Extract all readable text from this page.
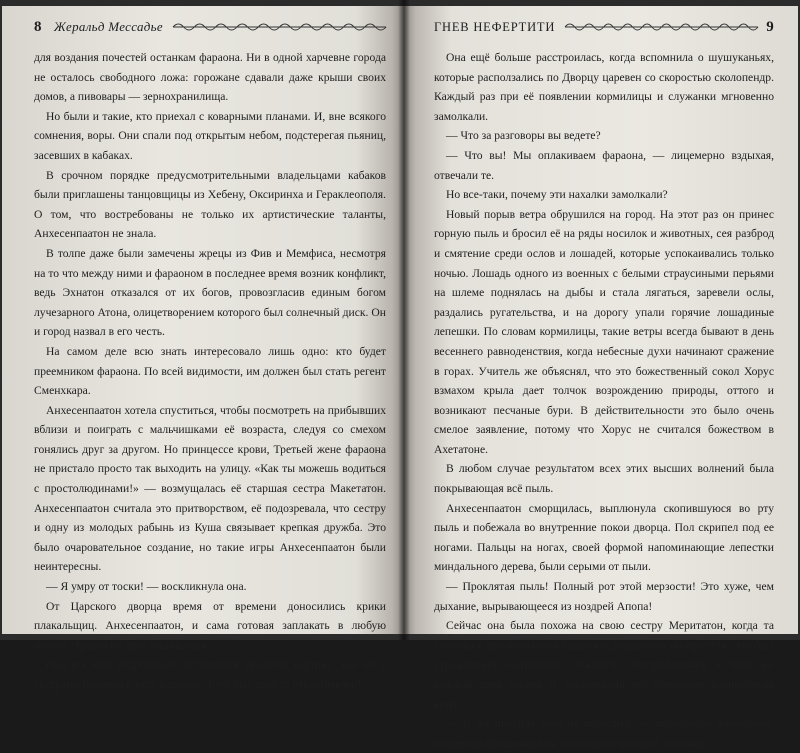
8 Жеральд Мессадье

для воздания почестей останкам фараона. Ни в одной харчевне города не осталось свободного ложа: горожане сдавали даже крыши своих домов, а пивовары — зернохранилища.

Но были и такие, кто приехал с коварными планами. И, вне всякого сомнения, воры. Они спали под открытым небом, подстерегая пьяниц, засевших в кабаках.

В срочном порядке предусмотрительными владельцами кабаков были приглашены танцовщицы из Хебену, Оксиринха и Гераклеополя. О том, что востребованы не только их артистические таланты, Анхесенпаатон не знала.

В толпе даже были замечены жрецы из Фив и Мемфиса, несмотря на то что между ними и фараоном в последнее время возник конфликт, ведь Эхнатон отказался от их богов, провозгласив единым богом лучезарного Атона, олицетворением которого был солнечный диск. Он и город назвал в его честь.

На самом деле всю знать интересовало лишь одно: кто будет преемником фараона. По всей видимости, им должен был стать регент Сменхкара.

Анхесенпаатон хотела спуститься, чтобы посмотреть на прибывших вблизи и поиграть с мальчишками её возраста, следуя со смехом гонялись друг за другом. Но принцессе крови, Третьей жене фараона не пристало просто так выходить на улицу. «Как ты можешь водиться с простолюдинами!» — возмущалась её старшая сестра Макетатон. Анхесенпаатон считала это притворством, её подозревала, что сестру и одну из молодых рабынь из Куша связывает крепкая дружба. Это было очаровательное создание, но такие игры Анхесенпаатон были неинтересны.

— Я умру от тоски! — воскликнула она.

От Царского дворца время от времени доносились крики плакальщиц. Анхесенпаатон, и сама готовая заплакать в любую минуту, тревожно прислушивалась.

Она все ещё содрогалась, вспоминая ужасную картину: как их с сестрами привели к телу фараона. Труп был просто отвратителен!

ГНЕВ НЕФЕРТИТИ	9

Она ещё больше расстроилась, когда вспомнила о шушуканьях, которые расползались по Дворцу царевен со скоростью сколопендр. Каждый раз при её появлении кормилицы и служанки мгновенно замолкали.

— Что за разговоры вы ведете?

— Что вы! Мы оплакиваем фараона, — лицемерно вздыхая, отвечали те.

Но все-таки, почему эти нахалки замолкали?

Новый порыв ветра обрушился на город. На этот раз он принес горную пыль и бросил её на ряды носилок и животных, сея разброд и смятение среди ослов и лошадей, которые успокаивались только ночью. Лошадь одного из военных с белыми страусиными перьями на шлеме поднялась на дыбы и стала лягаться, заревели ослы, раздались ругательства, и на дорогу упали горячие лошадиные лепешки. По словам кормилицы, такие ветры всегда бывают в день весеннего равноденствия, когда небесные духи начинают сражение в горах. Учитель же объяснял, что это божественный сокол Хорус взмахом крыла дает толчок возрождению природы, оттого и возникают песчаные бури. В действительности это было очень смелое заявление, потому что Хорус не считался божеством в Ахетатоне.

В любом случае результатом всех этих высших волнений была покрывающая всё пыль.

Анхесенпаатон сморщилась, выплюнула скопившуюся во рту пыль и побежала во внутренние покои дворца. Пол скрипел под ее ногами. Пальцы на ногах, своей формой напоминающие лепестки миндального дерева, были серыми от пыли.

— Проклятая пыль! Полный рот этой мерзости! Это хуже, чем дыхание, вырывающееся из ноздрей Апопа!

Сейчас она была похожа на свою сестру Меритатон, когда та гневалась при появлении Главного дворцового смотрителя. Это был страдающий ожирением служитель, употреблявший к тому же каждый день чеснок и запивающий его огромным количеством вина.

— Я же просила тебя не выходить, — проворчала кормилица, поднимая брошенный на полу парик молодой госпожи.
